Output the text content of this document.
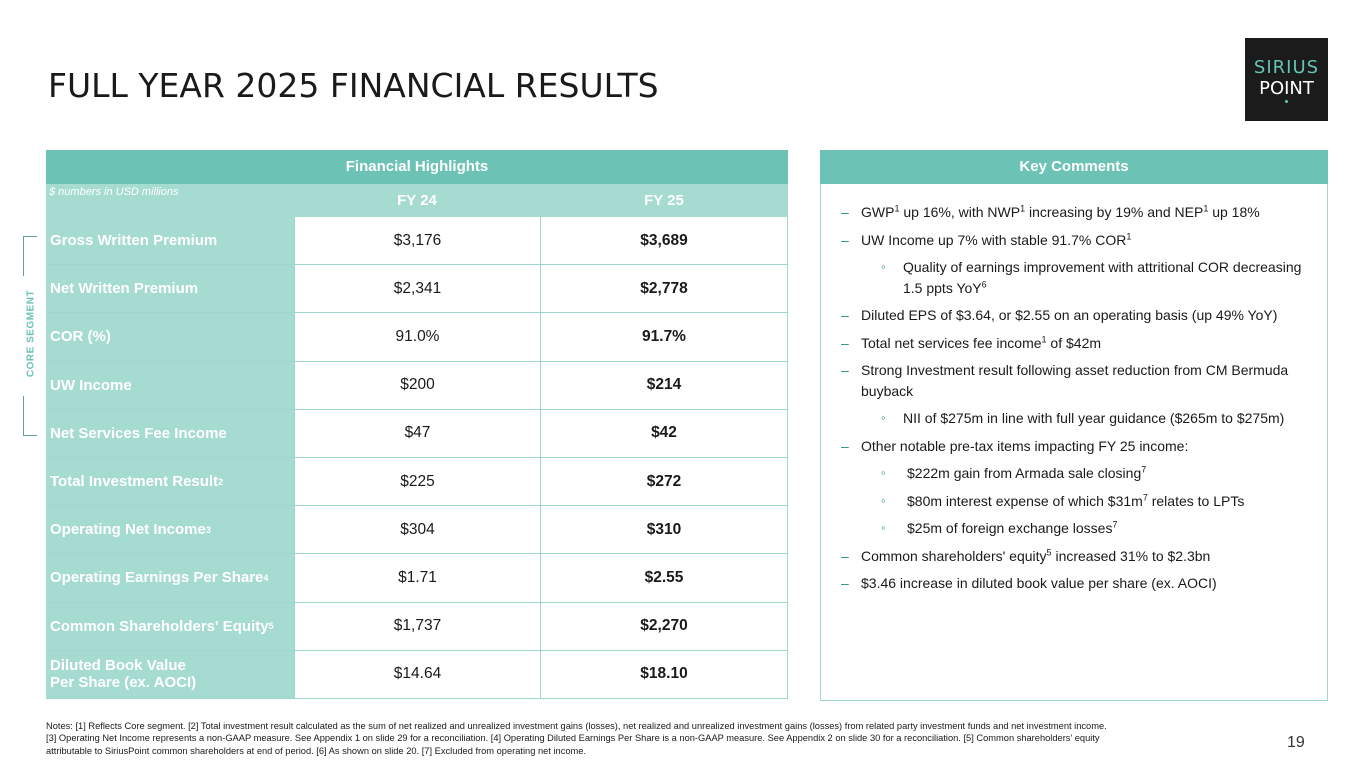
FULL YEAR 2025 FINANCIAL RESULTS	SIRIUS
POINT
CORE SEGMENT
Financial Highlights
$ numbers in USD millions	FY 24	FY 25
Gross Written Premium	$3,176	$3,689
Net Written Premium	$2,341	$2,778
COR (%)	91.0%	91.7%
UW Income	$200	$214
Net Services Fee Income	$47	$42
Total Investment Result 2	$225	$272
Operating Net Income 3	$304	$310
Operating Earnings Per Share 4	$1.71	$2.55
Common Shareholders' Equity 5	$1,737	$2,270
Diluted Book Value
Per Share (ex. AOCI)
$14.64	$18.10
Key Comments
– GWP$^1$ up 16%, with NWP$^1$ increasing by 19% and NEP$^1$ up 18%
– UW Income up 7% with stable 91.7% COR$^1$
◦ Quality of earnings improvement with attritional COR decreasing 1.5 ppts YoY$^6$
– Diluted EPS of $3.64, or $2.55 on an operating basis (up 49% YoY)
– Total net services fee income$^1$ of $42m
– Strong Investment result following asset reduction from CM Bermuda buyback
◦ NII of $275m in line with full year guidance ($265m to $275m)
– Other notable pre-tax items impacting FY 25 income:
◦ $222m gain from Armada sale closing$^7$
◦ $80m interest expense of which $\$31m^7$ relates to LPTs
◦ $25m of foreign exchange losses$^7$
– Common shareholders' equity$^5$ increased 31% to $2.3bn
– $3.46 increase in diluted book value per share (ex. AOCI)
Notes: [1] Reflects Core segment. [2] Total investment result calculated as the sum of net realized and unrealized investment gains (losses), net realized and unrealized investment gains (losses) from related party investment funds and net investment income.
[3] Operating Net Income represents a non-GAAP measure. See Appendix 1 on slide 29 for a reconciliation. [4] Operating Diluted Earnings Per Share is a non-GAAP measure. See Appendix 2 on slide 30 for a reconciliation. [5] Common shareholders’ equity
attributable to SiriusPoint common shareholders at end of period. [6] As shown on slide 20. [7] Excluded from operating net income.	19
